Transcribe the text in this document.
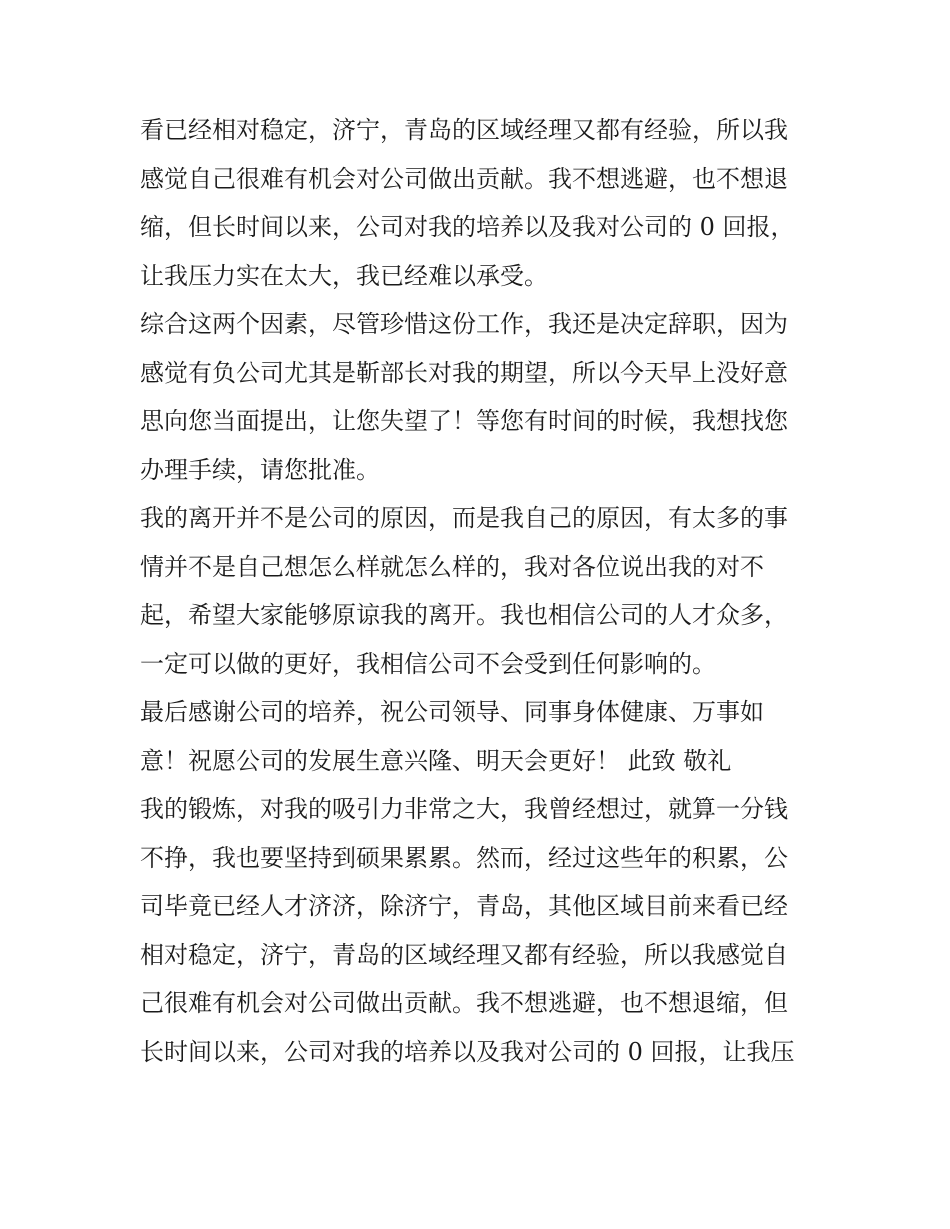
看已经相对稳定，济宁，青岛的区域经理又都有经验，所以我
感觉自己很难有机会对公司做出贡献。我不想逃避，也不想退
缩，但长时间以来，公司对我的培养以及我对公司的 0 回报，
让我压力实在太大，我已经难以承受。
综合这两个因素，尽管珍惜这份工作，我还是决定辞职，因为
感觉有负公司尤其是靳部长对我的期望，所以今天早上没好意
思向您当面提出，让您失望了！等您有时间的时候，我想找您
办理手续，请您批准。
我的离开并不是公司的原因，而是我自己的原因，有太多的事
情并不是自己想怎么样就怎么样的，我对各位说出我的对不
起，希望大家能够原谅我的离开。我也相信公司的人才众多，
一定可以做的更好，我相信公司不会受到任何影响的。
最后感谢公司的培养，祝公司领导、同事身体健康、万事如
意！祝愿公司的发展生意兴隆、明天会更好！ 此致 敬礼
我的锻炼，对我的吸引力非常之大，我曾经想过，就算一分钱
不挣，我也要坚持到硕果累累。然而，经过这些年的积累，公
司毕竟已经人才济济，除济宁，青岛，其他区域目前来看已经
相对稳定，济宁，青岛的区域经理又都有经验，所以我感觉自
己很难有机会对公司做出贡献。我不想逃避，也不想退缩，但
长时间以来，公司对我的培养以及我对公司的 0 回报，让我压
